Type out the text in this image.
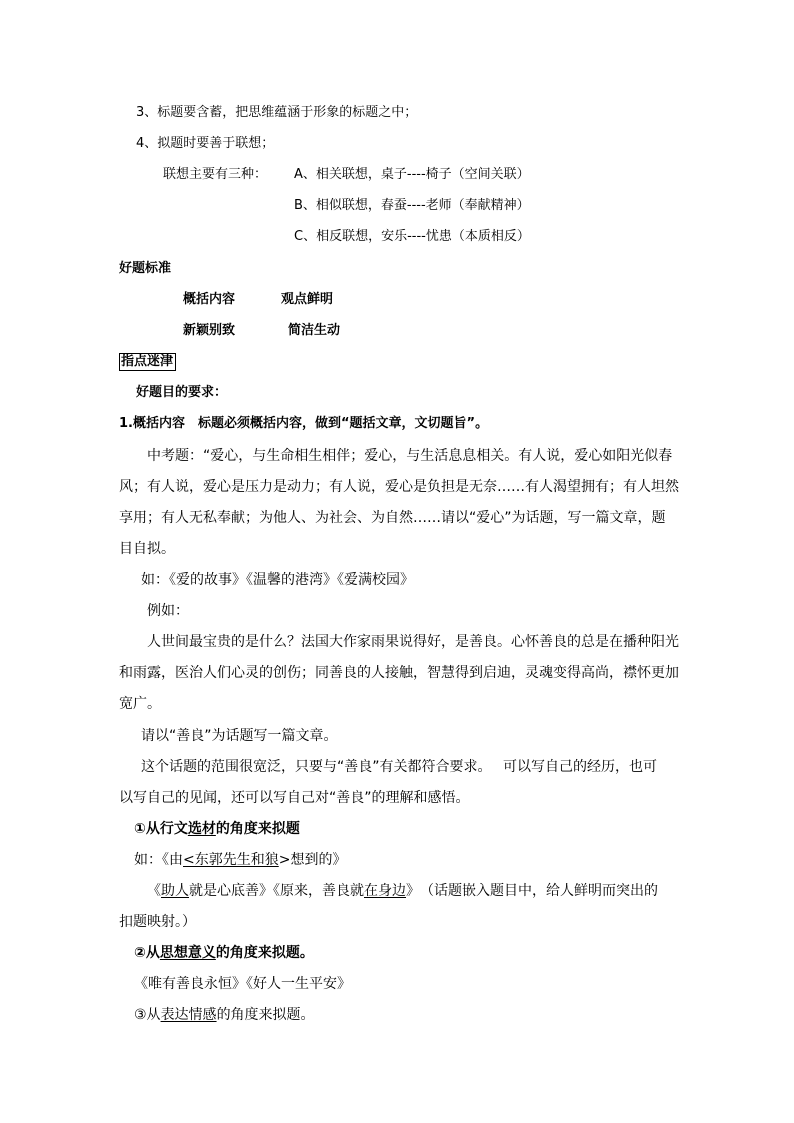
3、标题要含蓄，把思维蕴涵于形象的标题之中；
4、拟题时要善于联想；
联想主要有三种： A、相关联想，桌子----椅子（空间关联）
B、相似联想，春蚕----老师（奉献精神）
C、相反联想，安乐----忧患（本质相反）
好题标准
概括内容	观点鲜明
新颖别致	简洁生动
指点迷津
好题目的要求：
1.概括内容　标题必须概括内容，做到“题括文章，文切题旨”。
中考题：“爱心，与生命相生相伴；爱心，与生活息息相关。有人说，爱心如阳光似春
风；有人说，爱心是压力是动力；有人说，爱心是负担是无奈……有人渴望拥有；有人坦然
享用；有人无私奉献；为他人、为社会、为自然……请以“爱心”为话题，写一篇文章，题
目自拟。
如：《爱的故事》《温馨的港湾》《爱满校园》
例如：
人世间最宝贵的是什么？法国大作家雨果说得好，是善良。心怀善良的总是在播种阳光
和雨露，医治人们心灵的创伤；同善良的人接触，智慧得到启迪，灵魂变得高尚，襟怀更加
宽广。
请以“善良”为话题写一篇文章。
这个话题的范围很宽泛，只要与“善良”有关都符合要求。　 可以写自己的经历，也可
以写自己的见闻，还可以写自己对“善良”的理解和感悟。
①从行文选材的角度来拟题
如：《由<东郭先生和狼>想到的》
《助人就是心底善》《原来，善良就在身边》　（话题嵌入题目中，给人鲜明而突出的
扣题映射。）
②从思想意义的角度来拟题。
《唯有善良永恒》《好人一生平安》
③从表达情感的角度来拟题。
